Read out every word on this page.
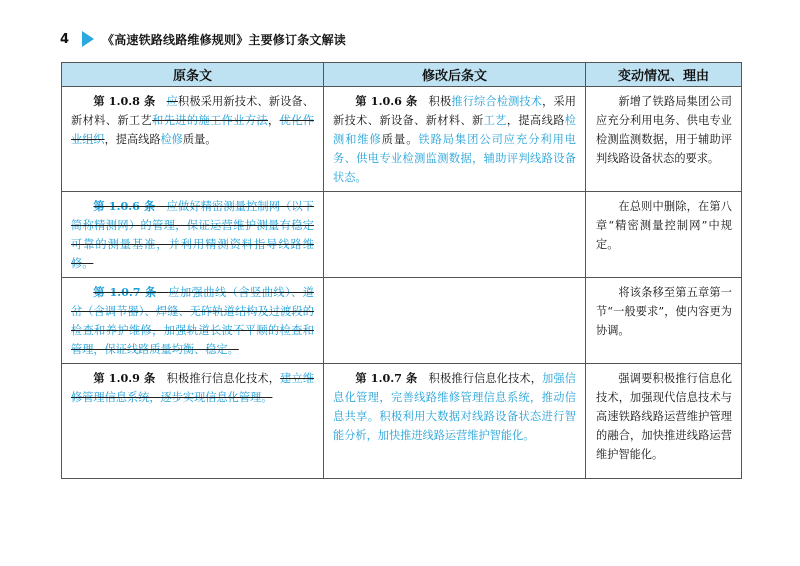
4	《高速铁路线路维修规则》主要修订条文解读
原条文	修改后条文	变动情况、理由

第 1.0.8 条　 应积极采用新技术、新设备、新材料、新工艺和先进的施工作业方法，优化作业组织，提高线路检修质量。	第 1.0.6 条　积极推行综合检测技术，采用新技术、新设备、新材料、新工艺，提高线路检测和维修质量。铁路局集团公司应充分利用电务、供电专业检测监测数据，辅助评判线路设备状态。	新增了铁路局集团公司应充分利用电务、供电专业检测监测数据，用于辅助评判线路设备状态的要求。

第 1.0.6 条　 应做好精密测量控制网（以下简称精测网）的管理，保证运营维护测量有稳定可靠的测量基准，并利用精测资料指导线路维修。		在总则中删除，在第八章“精密测量控制网”中规定。

第 1.0.7 条　 应加强曲线（含竖曲线）、道岔（含调节器）、焊缝、无砟轨道结构及过渡段的检查和养护维修，加强轨道长波不平顺的检查和管理，保证线路质量均衡、稳定。		将该条移至第五章第一节“一般要求”，使内容更为协调。

第 1.0.9 条　积极推行信息化技术，建立维修管理信息系统，逐步实现信息化管理。	第 1.0.7 条　积极推行信息化技术，加强信息化管理，完善线路维修管理信息系统，推动信息共享。积极利用大数据对线路设备状态进行智能分析，加快推进线路运营维护智能化。	强调要积极推行信息化技术，加强现代信息技术与高速铁路线路运营维护管理的融合，加快推进线路运营维护智能化。
